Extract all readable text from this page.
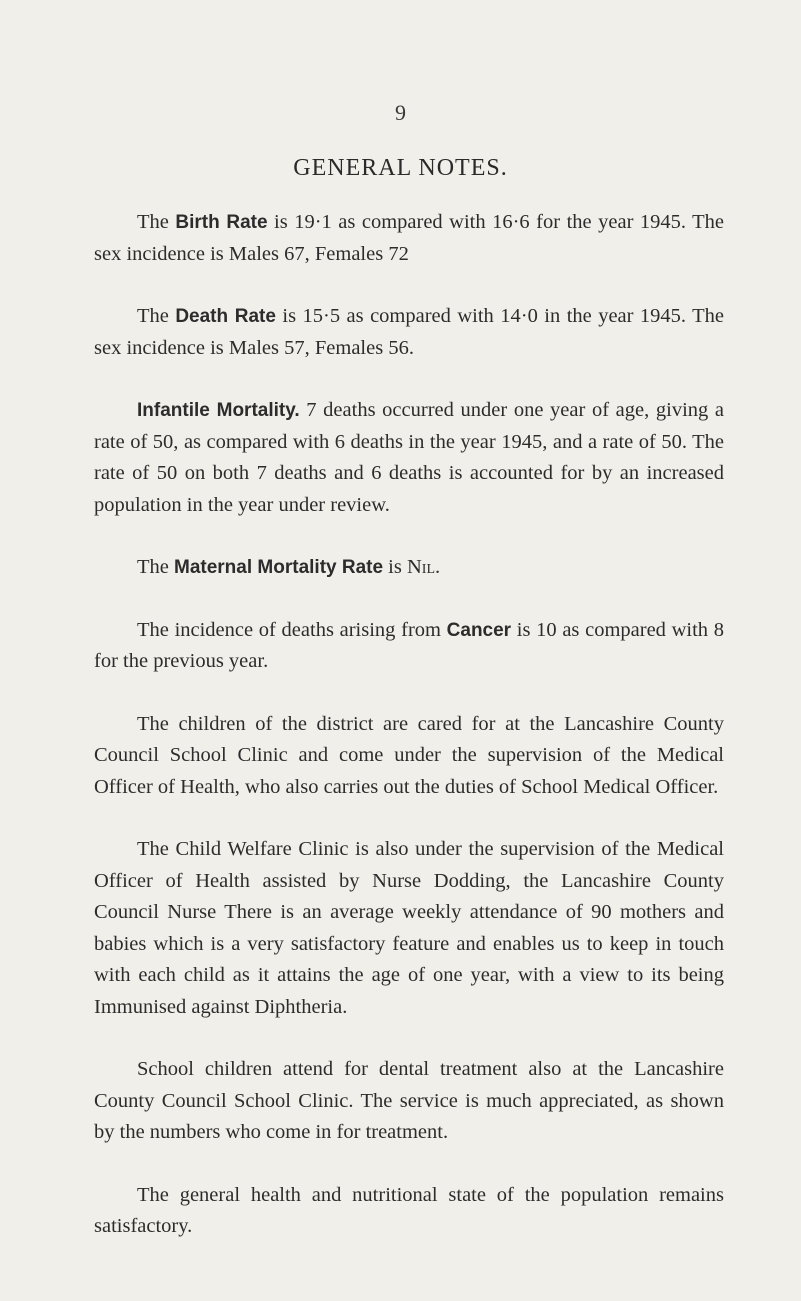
9
GENERAL NOTES.

The Birth Rate is 19·1 as compared with 16·6 for the year 1945. The sex incidence is Males 67, Females 72

The Death Rate is 15·5 as compared with 14·0 in the year 1945. The sex incidence is Males 57, Females 56.

Infantile Mortality. 7 deaths occurred under one year of age, giving a rate of 50, as compared with 6 deaths in the year 1945, and a rate of 50. The rate of 50 on both 7 deaths and 6 deaths is accounted for by an increased population in the year under review.

The Maternal Mortality Rate is Nil.

The incidence of deaths arising from Cancer is 10 as compared with 8 for the previous year.

The children of the district are cared for at the Lancashire County Council School Clinic and come under the supervision of the Medical Officer of Health, who also carries out the duties of School Medical Officer.

The Child Welfare Clinic is also under the supervision of the Medical Officer of Health assisted by Nurse Dodding, the Lancashire County Council Nurse There is an average weekly attendance of 90 mothers and babies which is a very satisfactory feature and enables us to keep in touch with each child as it attains the age of one year, with a view to its being Immunised against Diphtheria.

School children attend for dental treatment also at the Lancashire County Council School Clinic. The service is much appreciated, as shown by the numbers who come in for treatment.

The general health and nutritional state of the population remains satisfactory.
